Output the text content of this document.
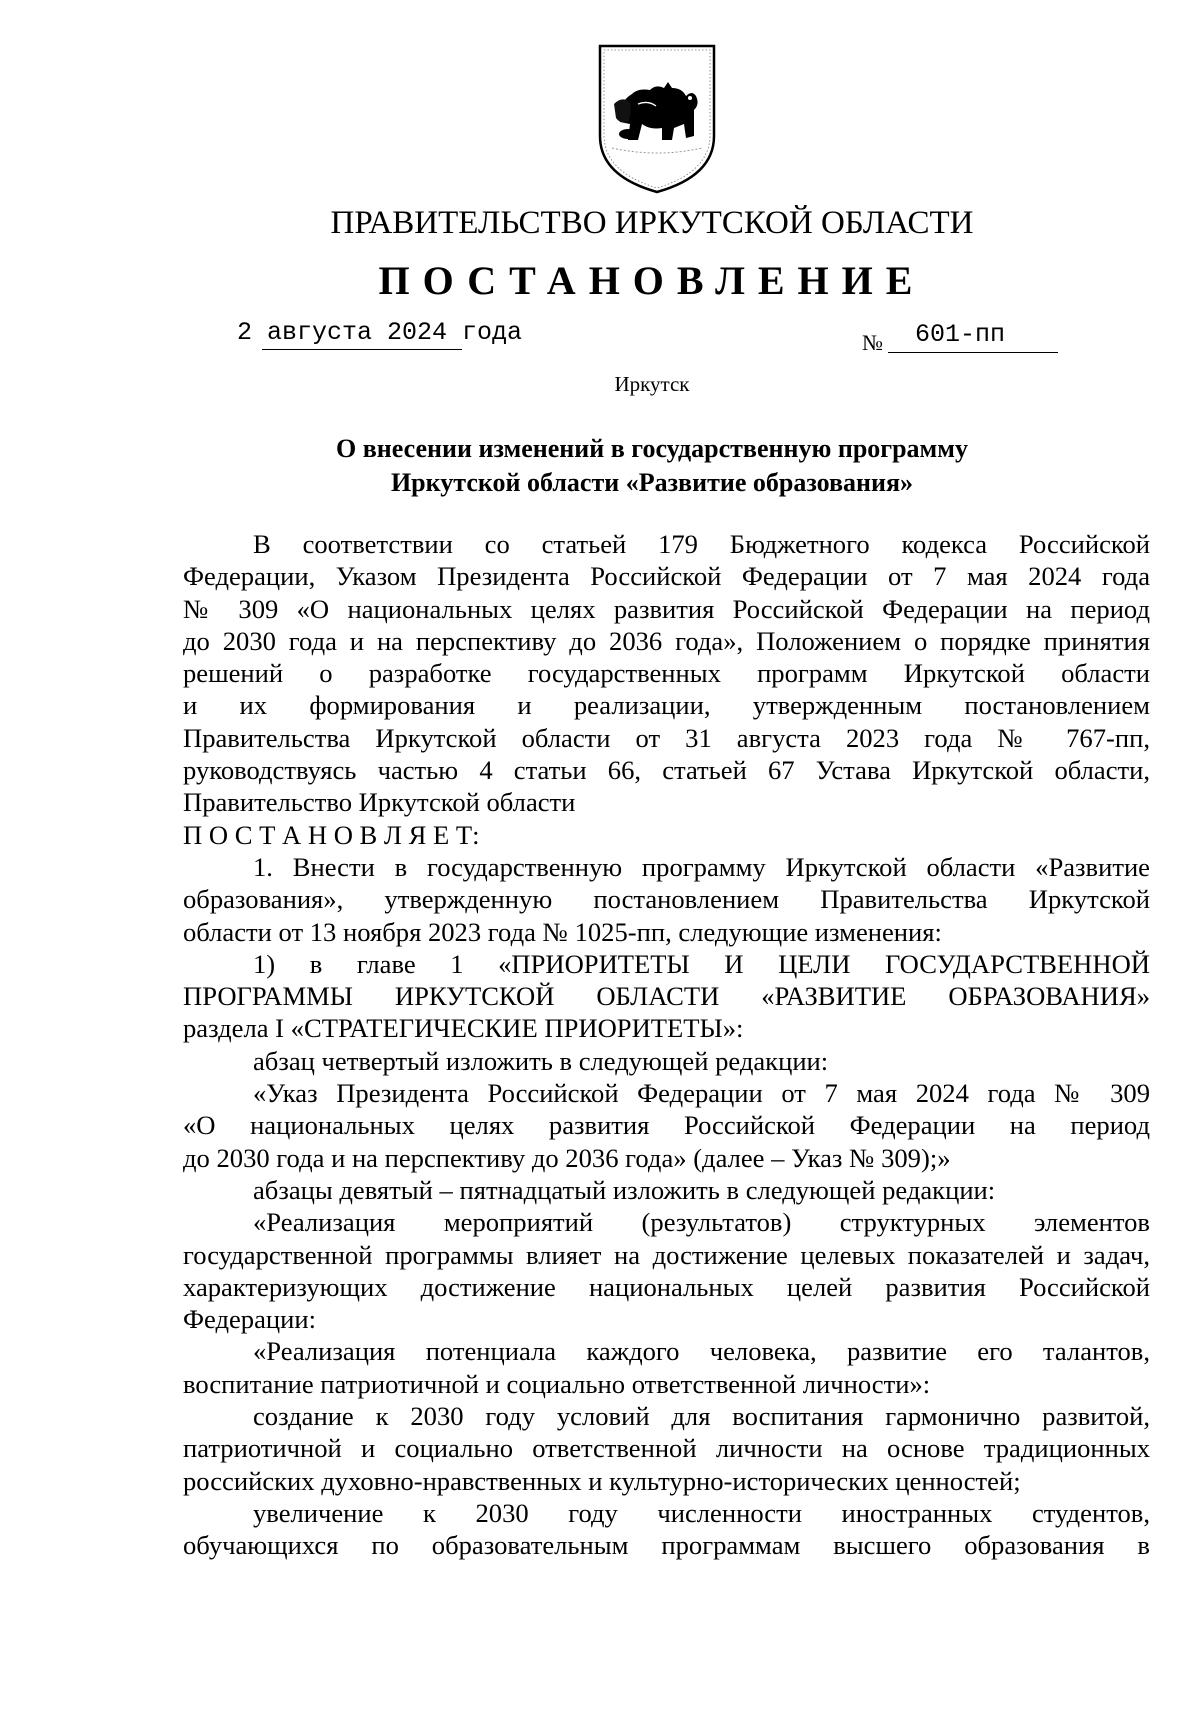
ПРАВИТЕЛЬСТВО ИРКУТСКОЙ ОБЛАСТИ
ПОСТАНОВЛЕНИЕ
2 августа 2024 года	№ 601-пп
Иркутск
О внесении изменений в государственную программу
Иркутской области «Развитие образования»

В соответствии со статьей 179 Бюджетного кодекса Российской

Федерации, Указом Президента Российской Федерации от 7 мая 2024 года

№ 309 «О национальных целях развития Российской Федерации на период

до 2030 года и на перспективу до 2036 года», Положением о порядке принятия

решений о разработке государственных программ Иркутской области

и их формирования и реализации, утвержденным постановлением

Правительства Иркутской области от 31 августа 2023 года № 767-пп,

руководствуясь частью 4 статьи 66, статьей 67 Устава Иркутской области,

Правительство Иркутской области

П О С Т А Н О В Л Я Е Т:

1. Внести в государственную программу Иркутской области «Развитие

образования», утвержденную постановлением Правительства Иркутской

области от 13 ноября 2023 года № 1025-пп, следующие изменения:

1) в главе 1 «ПРИОРИТЕТЫ И ЦЕЛИ ГОСУДАРСТВЕННОЙ

ПРОГРАММЫ ИРКУТСКОЙ ОБЛАСТИ «РАЗВИТИЕ ОБРАЗОВАНИЯ»

раздела I «СТРАТЕГИЧЕСКИЕ ПРИОРИТЕТЫ»:

абзац четвертый изложить в следующей редакции:

«Указ Президента Российской Федерации от 7 мая 2024 года № 309

«О национальных целях развития Российской Федерации на период

до 2030 года и на перспективу до 2036 года» (далее – Указ № 309);»

абзацы девятый – пятнадцатый изложить в следующей редакции:

«Реализация мероприятий (результатов) структурных элементов

государственной программы влияет на достижение целевых показателей и задач,

характеризующих достижение национальных целей развития Российской

Федерации:

«Реализация потенциала каждого человека, развитие его талантов,

воспитание патриотичной и социально ответственной личности»:

создание к 2030 году условий для воспитания гармонично развитой,

патриотичной и социально ответственной личности на основе традиционных

российских духовно-нравственных и культурно-исторических ценностей;

увеличение к 2030 году численности иностранных студентов,

обучающихся по образовательным программам высшего образования в
